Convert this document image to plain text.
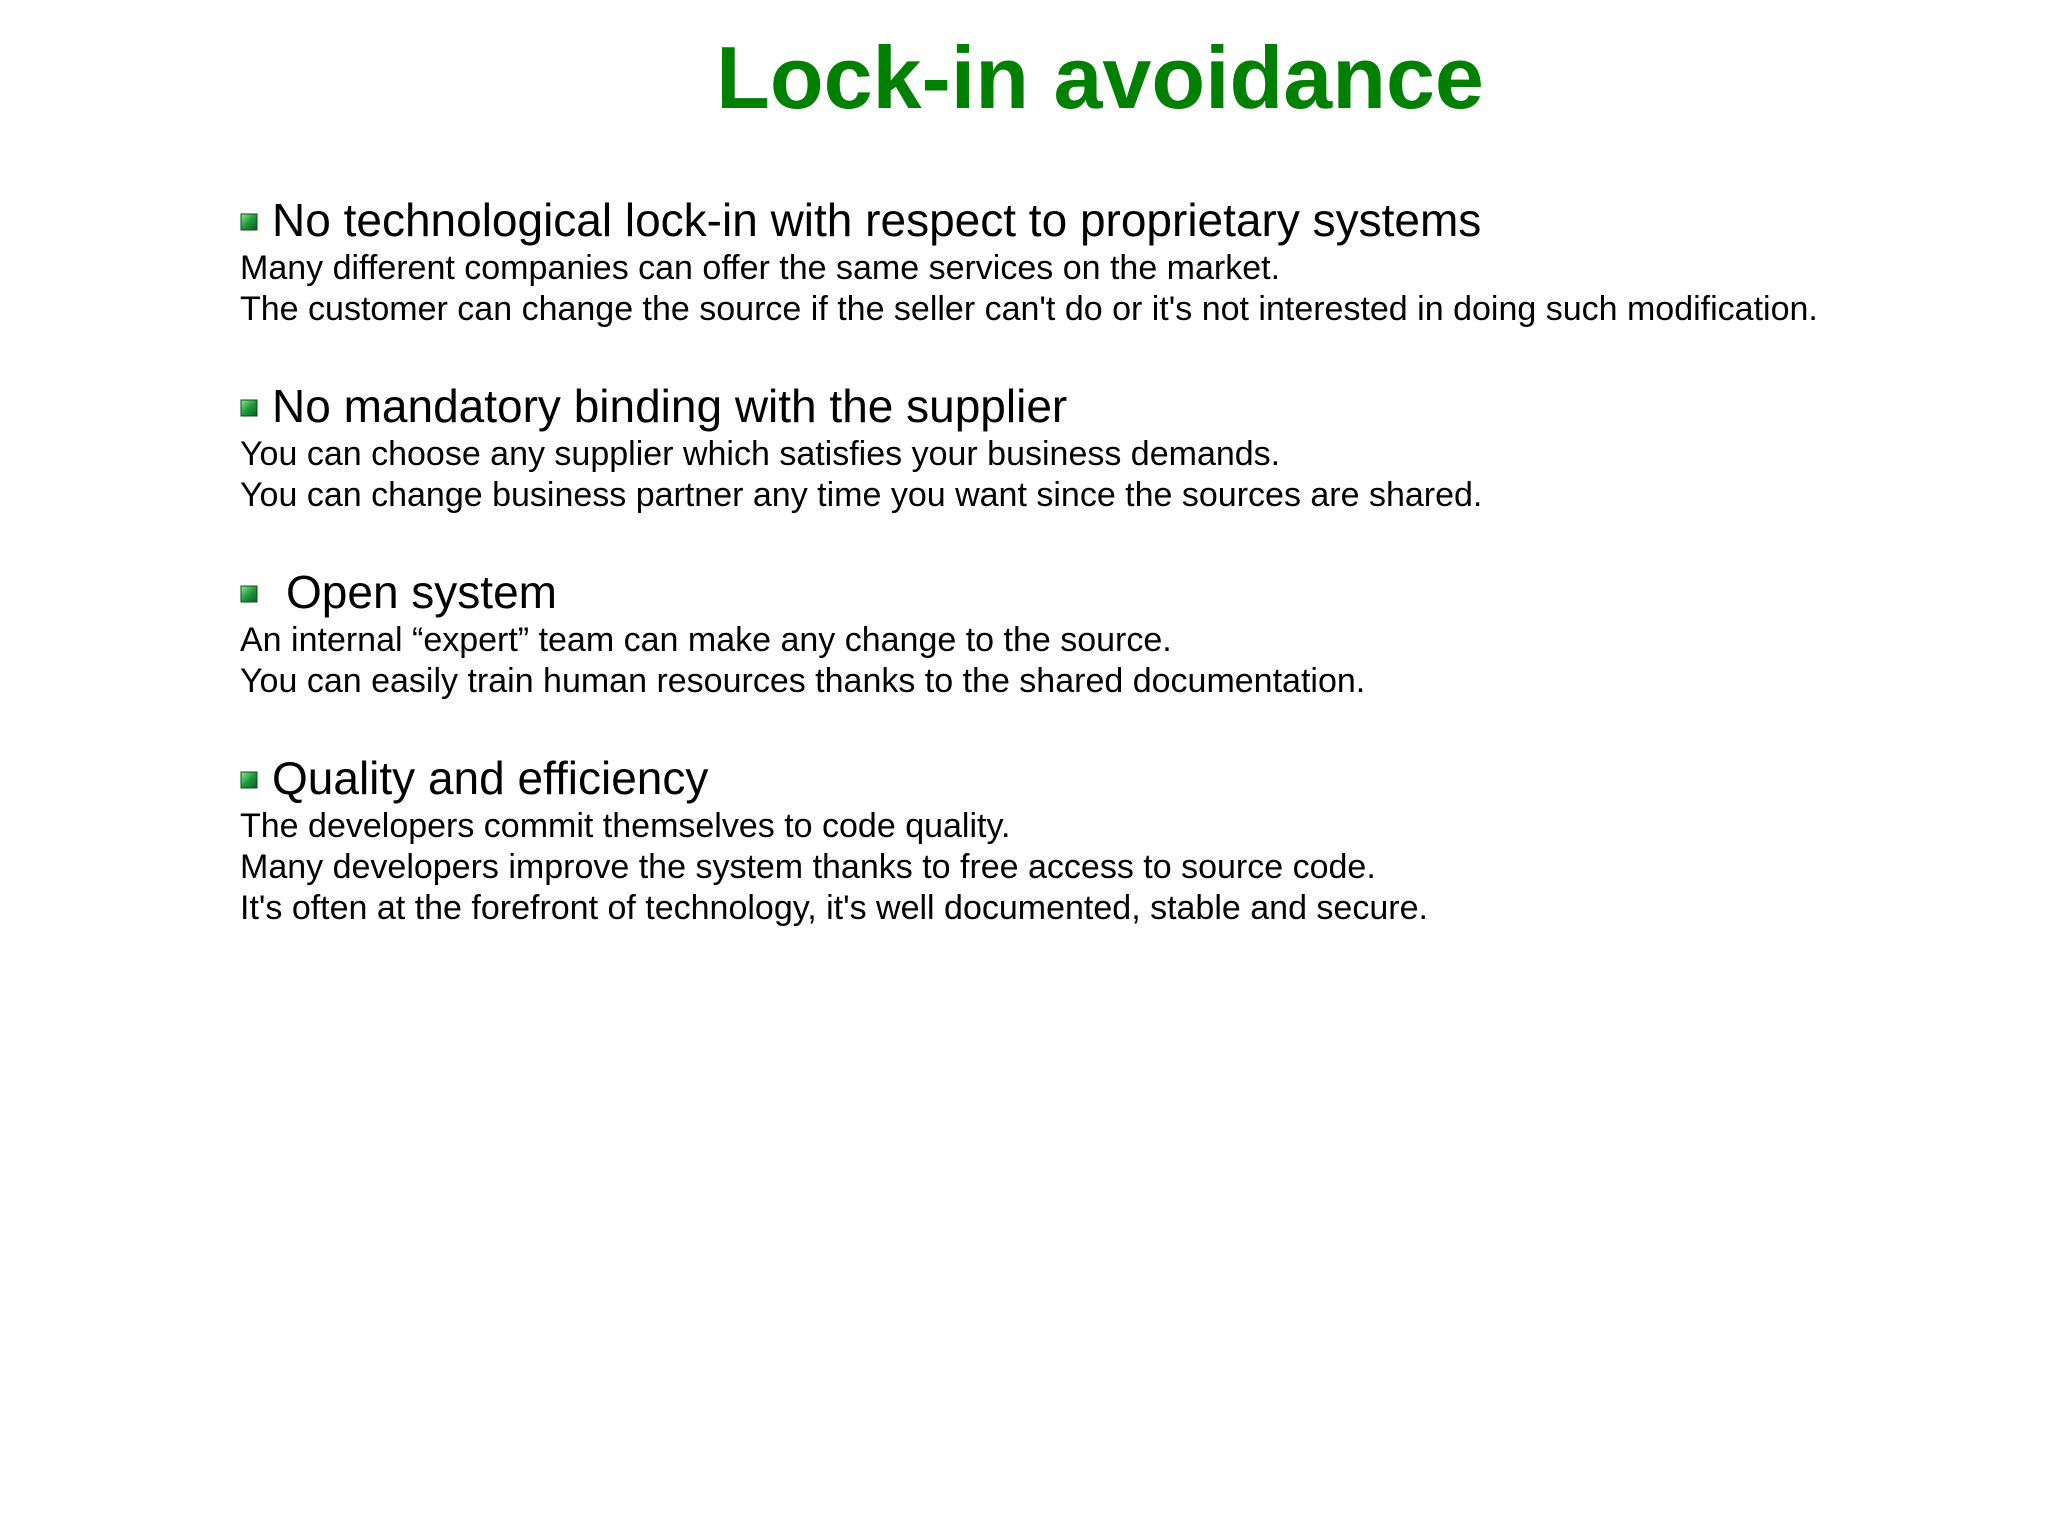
Lock-in avoidance
No technological lock-in with respect to proprietary systems

Many different companies can offer the same services on the market.

The customer can change the source if the seller can't do or it's not interested in doing such modification.

No mandatory binding with the supplier

You can choose any supplier which satisfies your business demands.

You can change business partner any time you want since the sources are shared.

Open system

An internal “expert” team can make any change to the source.

You can easily train human resources thanks to the shared documentation.

Quality and efficiency

The developers commit themselves to code quality.

Many developers improve the system thanks to free access to source code.

It's often at the forefront of technology, it's well documented, stable and secure.
